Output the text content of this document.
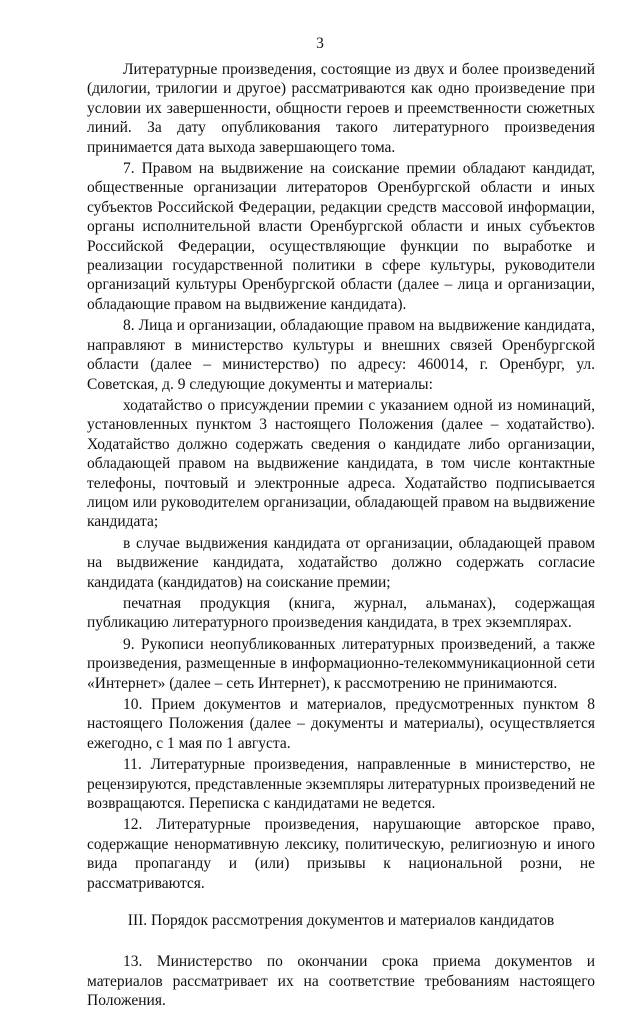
3

Литературные произведения, состоящие из двух и более произведений (дилогии, трилогии и другое) рассматриваются как одно произведение при условии их завершенности, общности героев и преемственности сюжетных линий. За дату опубликования такого литературного произведения принимается дата выхода завершающего тома.

7. Правом на выдвижение на соискание премии обладают кандидат, общественные организации литераторов Оренбургской области и иных субъектов Российской Федерации, редакции средств массовой информации, органы исполнительной власти Оренбургской области и иных субъектов Российской Федерации, осуществляющие функции по выработке и реализации государственной политики в сфере культуры, руководители организаций культуры Оренбургской области (далее – лица и организации, обладающие правом на выдвижение кандидата).

8. Лица и организации, обладающие правом на выдвижение кандидата, направляют в министерство культуры и внешних связей Оренбургской области (далее – министерство) по адресу: 460014, г. Оренбург, ул. Советская, д. 9 следующие документы и материалы:

ходатайство о присуждении премии с указанием одной из номинаций, установленных пунктом 3 настоящего Положения (далее – ходатайство). Ходатайство должно содержать сведения о кандидате либо организации, обладающей правом на выдвижение кандидата, в том числе контактные телефоны, почтовый и электронные адреса. Ходатайство подписывается лицом или руководителем организации, обладающей правом на выдвижение кандидата;

в случае выдвижения кандидата от организации, обладающей правом на выдвижение кандидата, ходатайство должно содержать согласие кандидата (кандидатов) на соискание премии;

печатная продукция (книга, журнал, альманах), содержащая публикацию литературного произведения кандидата, в трех экземплярах.

9. Рукописи неопубликованных литературных произведений, а также произведения, размещенные в информационно-телекоммуникационной сети «Интернет» (далее – сеть Интернет), к рассмотрению не принимаются.

10. Прием документов и материалов, предусмотренных пунктом 8 настоящего Положения (далее – документы и материалы), осуществляется ежегодно, с 1 мая по 1 августа.

11. Литературные произведения, направленные в министерство, не рецензируются, представленные экземпляры литературных произведений не возвращаются. Переписка с кандидатами не ведется.

12. Литературные произведения, нарушающие авторское право, содержащие ненормативную лексику, политическую, религиозную и иного вида пропаганду и (или) призывы к национальной розни, не рассматриваются.

III. Порядок рассмотрения документов и материалов кандидатов

13. Министерство по окончании срока приема документов и материалов рассматривает их на соответствие требованиям настоящего Положения.
